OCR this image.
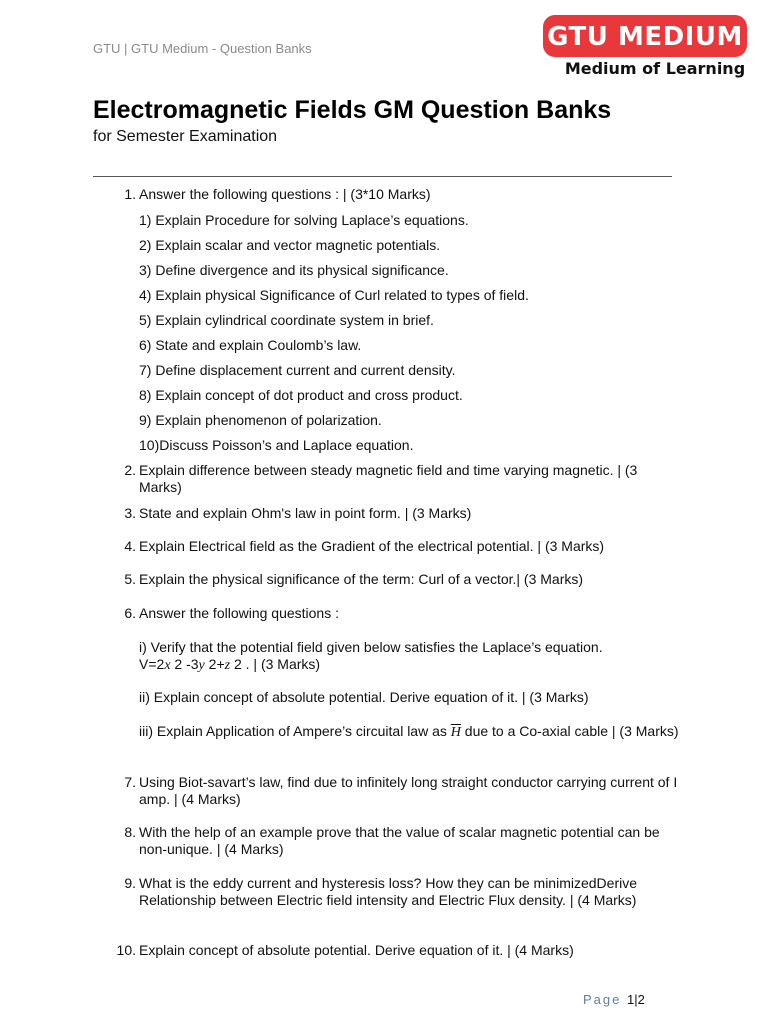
GTU | GTU Medium - Question Banks	GTU MEDIUM
Medium of Learning
Electromagnetic Fields GM Question Banks
for Semester Examination
1. Answer the following questions : | (3*10 Marks)
1) Explain Procedure for solving Laplace’s equations.
2) Explain scalar and vector magnetic potentials.
3) Define divergence and its physical significance.
4) Explain physical Significance of Curl related to types of field.
5) Explain cylindrical coordinate system in brief.
6) State and explain Coulomb’s law.
7) Define displacement current and current density.
8) Explain concept of dot product and cross product.
9) Explain phenomenon of polarization.
10)Discuss Poisson’s and Laplace equation.
2. Explain difference between steady magnetic field and time varying magnetic. | (3 Marks)
3. State and explain Ohm's law in point form. | (3 Marks)
4. Explain Electrical field as the Gradient of the electrical potential. | (3 Marks)
5. Explain the physical significance of the term: Curl of a vector.| (3 Marks)
6. Answer the following questions :
i) Verify that the potential field given below satisfies the Laplace’s equation.
V=2x 2 -3y 2+z 2 . | (3 Marks)
ii) Explain concept of absolute potential. Derive equation of it. | (3 Marks)
iii) Explain Application of Ampere’s circuital law as $\overline{H}$ due to a Co-axial cable | (3 Marks)
7. Using Biot-savart’s law, find due to infinitely long straight conductor carrying current of I amp. | (4 Marks)
8. With the help of an example prove that the value of scalar magnetic potential can be non-unique. | (4 Marks)
9. What is the eddy current and hysteresis loss? How they can be minimizedDerive Relationship between Electric field intensity and Electric Flux density. | (4 Marks)
10. Explain concept of absolute potential. Derive equation of it. | (4 Marks)
Page 1|2
